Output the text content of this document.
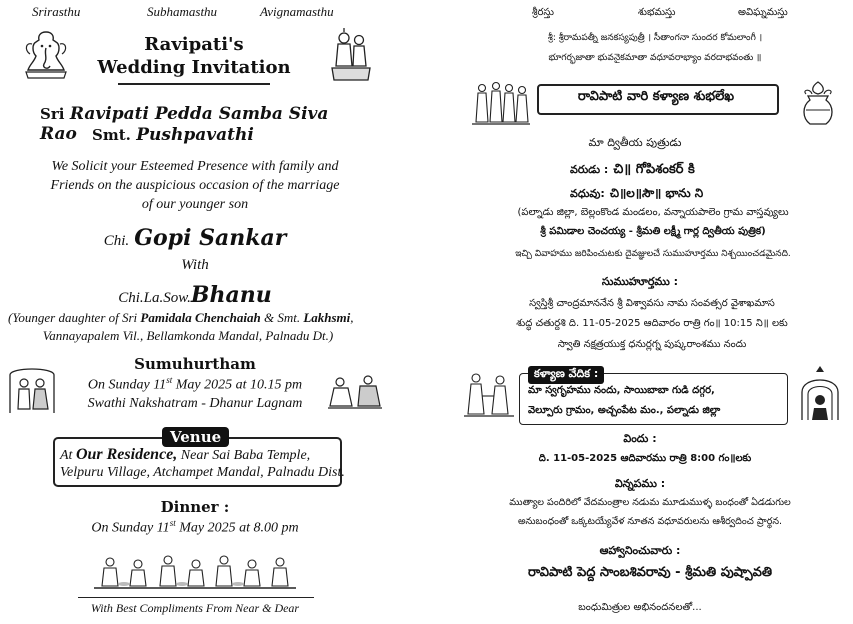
Srirasthu	Subhamasthu	Avignamasthu
Ravipati's
Wedding Invitation
Sri Ravipati Pedda Samba Siva Rao	Smt. Pushpavathi
We Solicit your Esteemed Presence with family and
Friends on the auspicious occasion of the marriage
of our younger son
Chi. Gopi Sankar
With
Chi.La.Sow.Bhanu
(Younger daughter of Sri Pamidala Chenchaiah & Smt. Lakhsmi,
Vannayapalem Vil., Bellamkonda Mandal, Palnadu Dt.)
Sumuhurtham
On Sunday 11st May 2025 at 10.15 pm
Swathi Nakshatram - Dhanur Lagnam
Venue
At Our Residence, Near Sai Baba Temple,
Velpuru Village, Atchampet Mandal, Palnadu Dist.
Dinner :
On Sunday 11st May 2025 at 8.00 pm
With Best Compliments From Near & Dear
శ్రీరస్తు	శుభమస్తు	అవిఘ్నమస్తు
శ్రీ: శ్రీరామపత్నీ జనకస్యపుత్రీ । సీతాంగనా సుందర కోమలాంగీ ।
భూగర్భజాతా భువనైకమాతా వధూవరాభ్యాం వరదాభవంతు ॥
రావిపాటి వారి కళ్యాణ శుభలేఖ
మా ద్వితీయ పుత్రుడు
వరుడు : చి॥ గోపిశంకర్ కి
వధువు: చి॥ల॥సౌ॥ భాను ని
(పల్నాడు జిల్లా, బెల్లంకొండ మండలం, వన్నాయపాలెం గ్రామ వాస్తవ్యులు
శ్రీ పమిడాల చెంచయ్య - శ్రీమతి లక్ష్మీ గార్ల ద్వితీయ పుత్రిక)
ఇచ్చి వివాహము జరిపించుటకు దైవజ్ఞులచే సుముహూర్తము నిశ్చయించడమైనది.
సుముహూర్తము :
స్వస్తిశ్రీ చాంద్రమాననేన శ్రీ విశ్వావసు నామ సంవత్సర వైశాఖమాస
శుద్ధ చతుర్దశి ది. 11-05-2025 ఆదివారం రాత్రి గం॥ 10:15 ని॥ లకు
స్వాతి నక్షత్రయుక్త ధనుర్లగ్న పుష్కరాంశము నందు
కళ్యాణ వేదిక :
మా స్వగృహము నందు, సాయిబాబా గుడి దగ్గర,
వెల్పూరు గ్రామం, అచ్చంపేట మం., పల్నాడు జిల్లా
విందు :
ది. 11-05-2025 ఆదివారము రాత్రి 8:00 గం॥లకు
విన్నపము :
ముత్యాల పందిరిలో వేదమంత్రాల నడుమ మూడుముళ్ళ బంధంతో ఏడడుగుల
అనుబంధంతో ఒక్కటయ్యేవేళ నూతన వధూవరులను ఆశీర్వదించ ప్రార్థన.
ఆహ్వానించువారు :
రావిపాటి పెద్ద సాంబశివరావు - శ్రీమతి పుష్పావతి
బంధుమిత్రుల అభినందనలతో...
